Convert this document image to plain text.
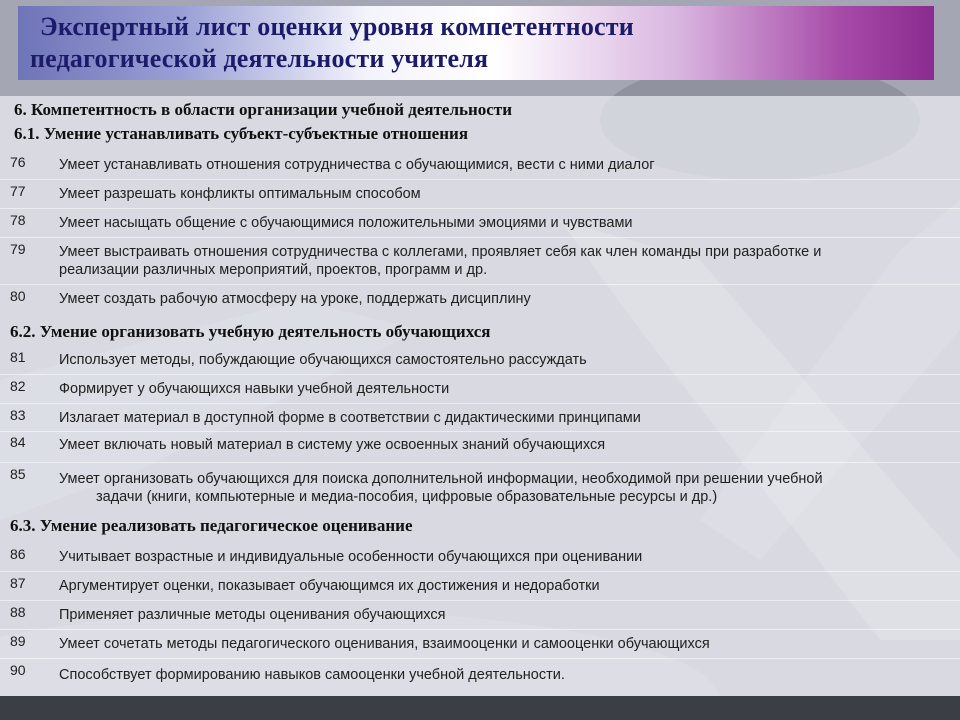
Экспертный лист оценки уровня компетентности

педагогической деятельности учителя

6. Компетентность в области организации учебной деятельности

6.1. Умение устанавливать субъект-субъектные отношения

76 Умеет устанавливать отношения сотрудничества с обучающимися, вести с ними диалог
77 Умеет разрешать конфликты оптимальным способом
78 Умеет насыщать общение с обучающимися положительными эмоциями и чувствами
79 Умеет выстраивать отношения сотрудничества с коллегами, проявляет себя как член команды при разработке и
реализации различных мероприятий, проектов, программ и др.
80 Умеет создать рабочую атмосферу на уроке, поддержать дисциплину

6.2. Умение организовать учебную деятельность обучающихся

81 Использует методы, побуждающие обучающихся самостоятельно рассуждать
82 Формирует у обучающихся навыки учебной деятельности
83 Излагает материал в доступной форме в соответствии с дидактическими принципами
84 Умеет включать новый материал в систему уже освоенных знаний обучающихся
85 Умеет организовать обучающихся для поиска дополнительной информации, необходимой при решении учебной
задачи (книги, компьютерные и медиа-пособия, цифровые образовательные ресурсы и др.)

6.3. Умение реализовать педагогическое оценивание

86 Учитывает возрастные и индивидуальные особенности обучающихся при оценивании
87 Аргументирует оценки, показывает обучающимся их достижения и недоработки
88 Применяет различные методы оценивания обучающихся
89 Умеет сочетать методы педагогического оценивания, взаимооценки и самооценки обучающихся
90 Способствует формированию навыков самооценки учебной деятельности.
